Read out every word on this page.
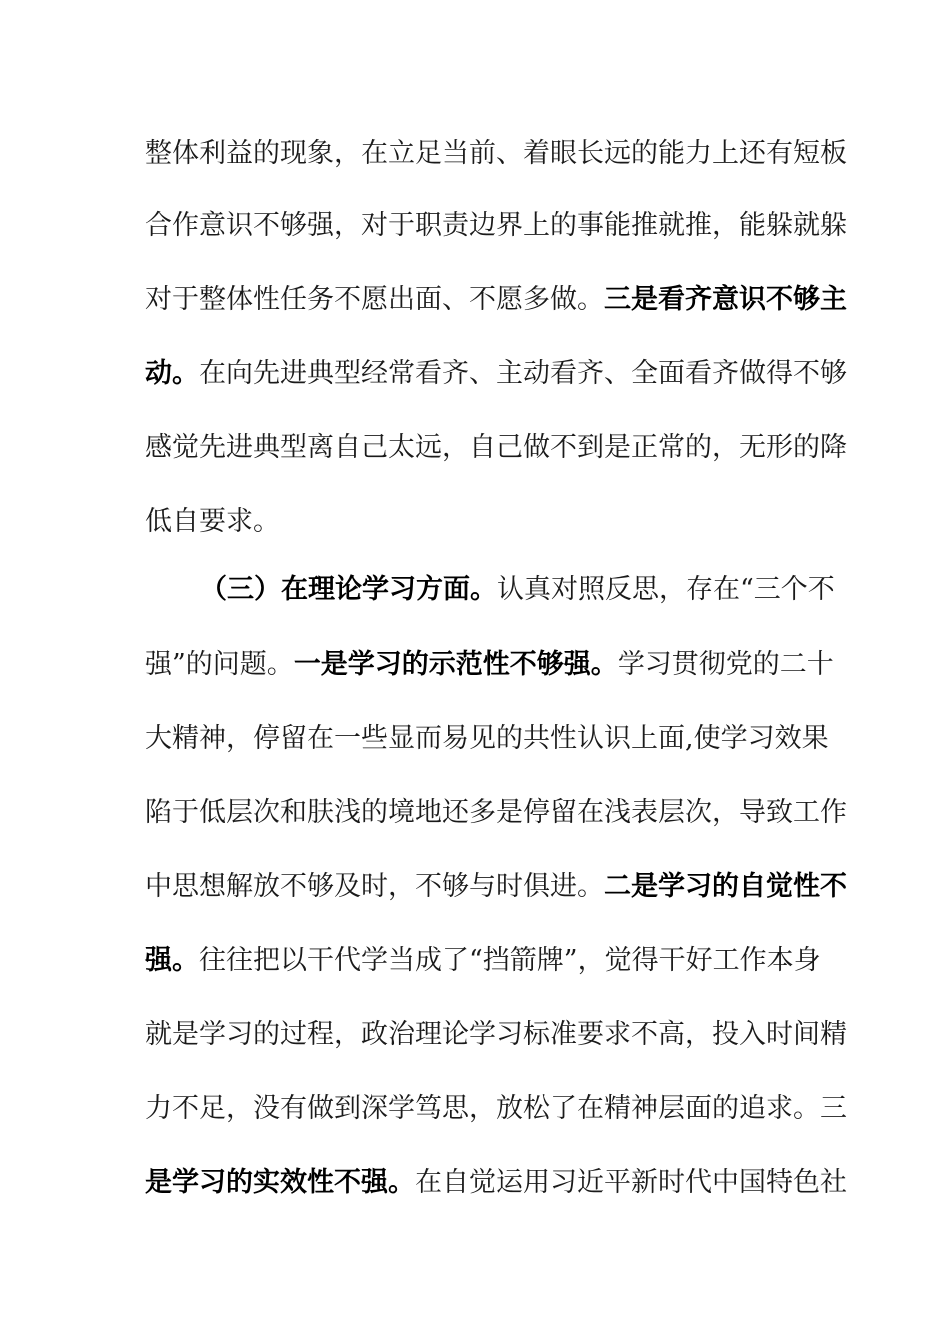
整体利益的现象，在立足当前、着眼长远的能力上还有短板
合作意识不够强，对于职责边界上的事能推就推，能躲就躲
对于整体性任务不愿出面、不愿多做。三是看齐意识不够主
动。在向先进典型经常看齐、主动看齐、全面看齐做得不够
感觉先进典型离自己太远，自己做不到是正常的，无形的降
低自要求。
（三）在理论学习方面。认真对照反思，存在“三个不
强”的问题。一是学习的示范性不够强。学习贯彻党的二十
大精神，停留在一些显而易见的共性认识上面,使学习效果
陷于低层次和肤浅的境地还多是停留在浅表层次，导致工作
中思想解放不够及时，不够与时俱进。二是学习的自觉性不
强。往往把以干代学当成了“挡箭牌”，觉得干好工作本身
就是学习的过程，政治理论学习标准要求不高，投入时间精
力不足，没有做到深学笃思，放松了在精神层面的追求。三
是学习的实效性不强。在自觉运用习近平新时代中国特色社
